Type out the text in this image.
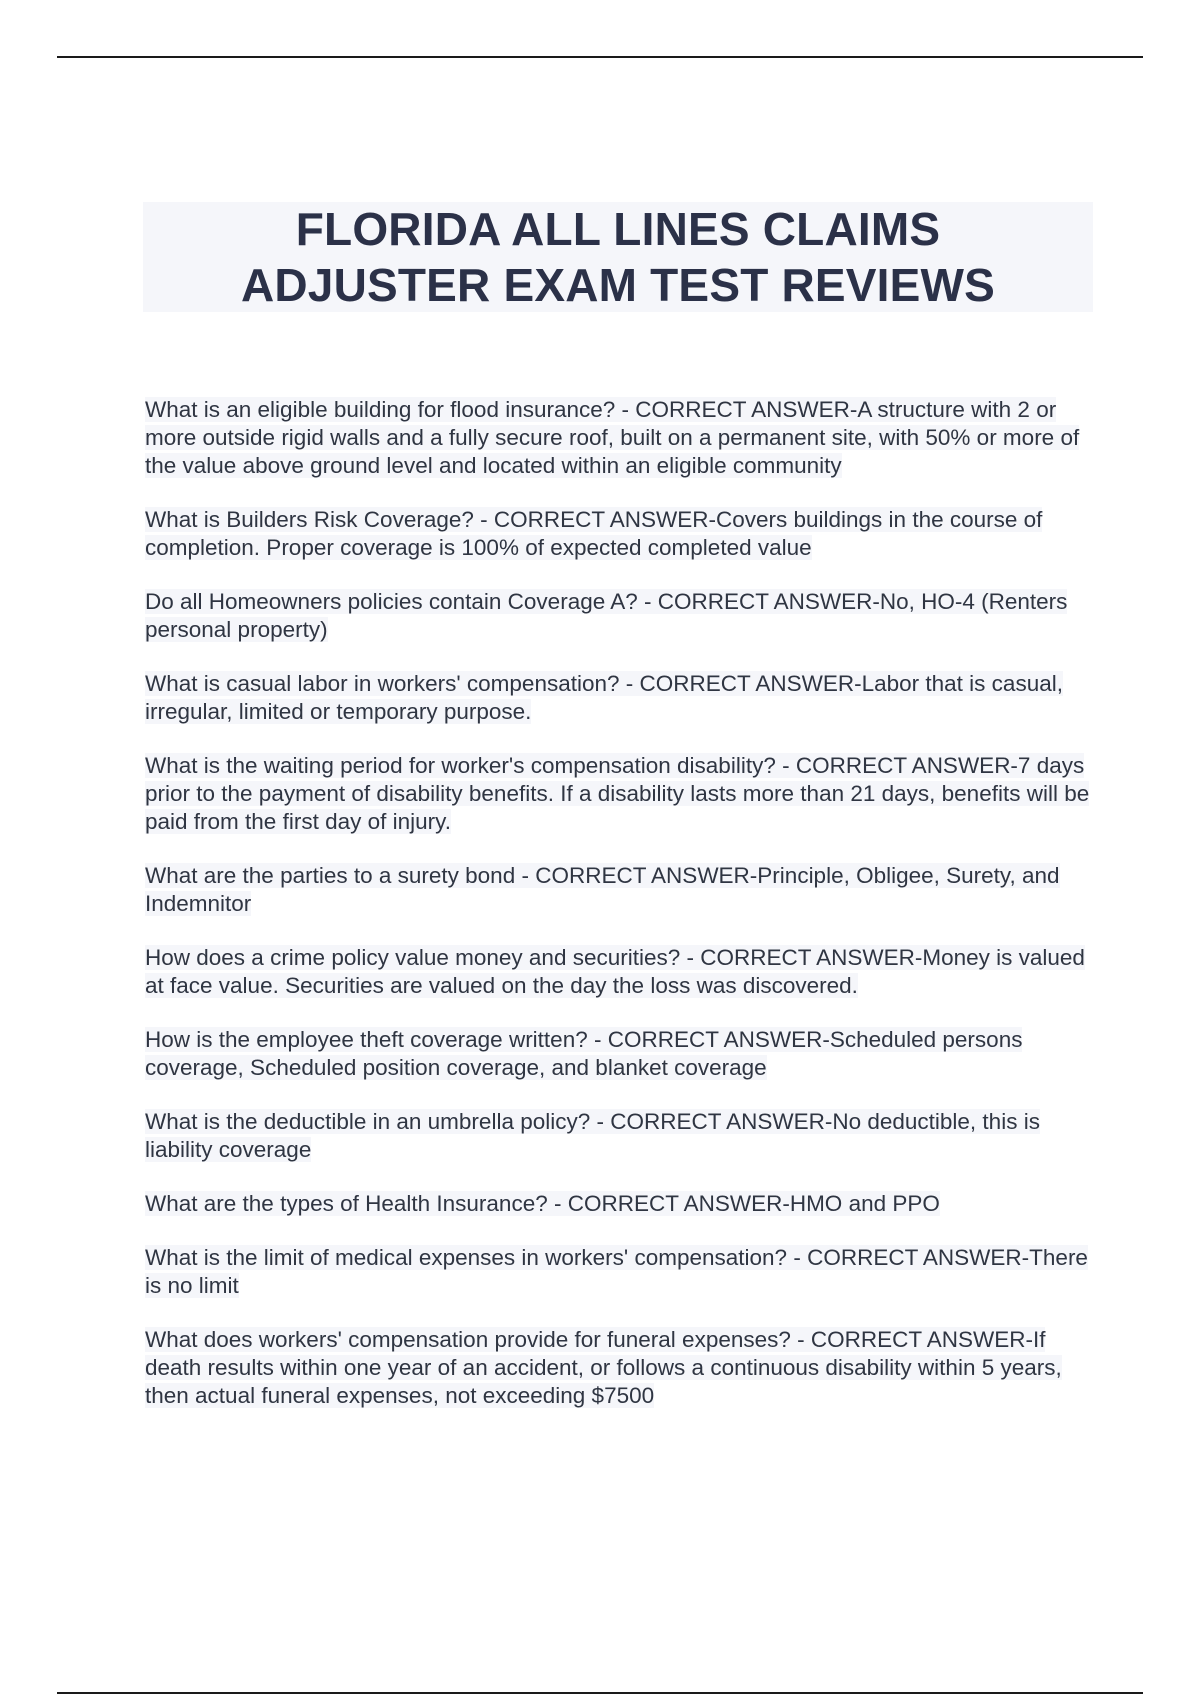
FLORIDA ALL LINES CLAIMS
ADJUSTER EXAM TEST REVIEWS

What is an eligible building for flood insurance? - CORRECT ANSWER-A structure with 2 or more outside rigid walls and a fully secure roof, built on a permanent site, with 50% or more of the value above ground level and located within an eligible community

What is Builders Risk Coverage? - CORRECT ANSWER-Covers buildings in the course of completion. Proper coverage is 100% of expected completed value

Do all Homeowners policies contain Coverage A? - CORRECT ANSWER-No, HO-4 (Renters personal property)

What is casual labor in workers' compensation? - CORRECT ANSWER-Labor that is casual, irregular, limited or temporary purpose.

What is the waiting period for worker's compensation disability? - CORRECT ANSWER-7 days prior to the payment of disability benefits. If a disability lasts more than 21 days, benefits will be paid from the first day of injury.

What are the parties to a surety bond - CORRECT ANSWER-Principle, Obligee, Surety, and Indemnitor

How does a crime policy value money and securities? - CORRECT ANSWER-Money is valued at face value. Securities are valued on the day the loss was discovered.

How is the employee theft coverage written? - CORRECT ANSWER-Scheduled persons coverage, Scheduled position coverage, and blanket coverage

What is the deductible in an umbrella policy? - CORRECT ANSWER-No deductible, this is liability coverage

What are the types of Health Insurance? - CORRECT ANSWER-HMO and PPO

What is the limit of medical expenses in workers' compensation? - CORRECT ANSWER-There is no limit

What does workers' compensation provide for funeral expenses? - CORRECT ANSWER-If death results within one year of an accident, or follows a continuous disability within 5 years, then actual funeral expenses, not exceeding $7500
